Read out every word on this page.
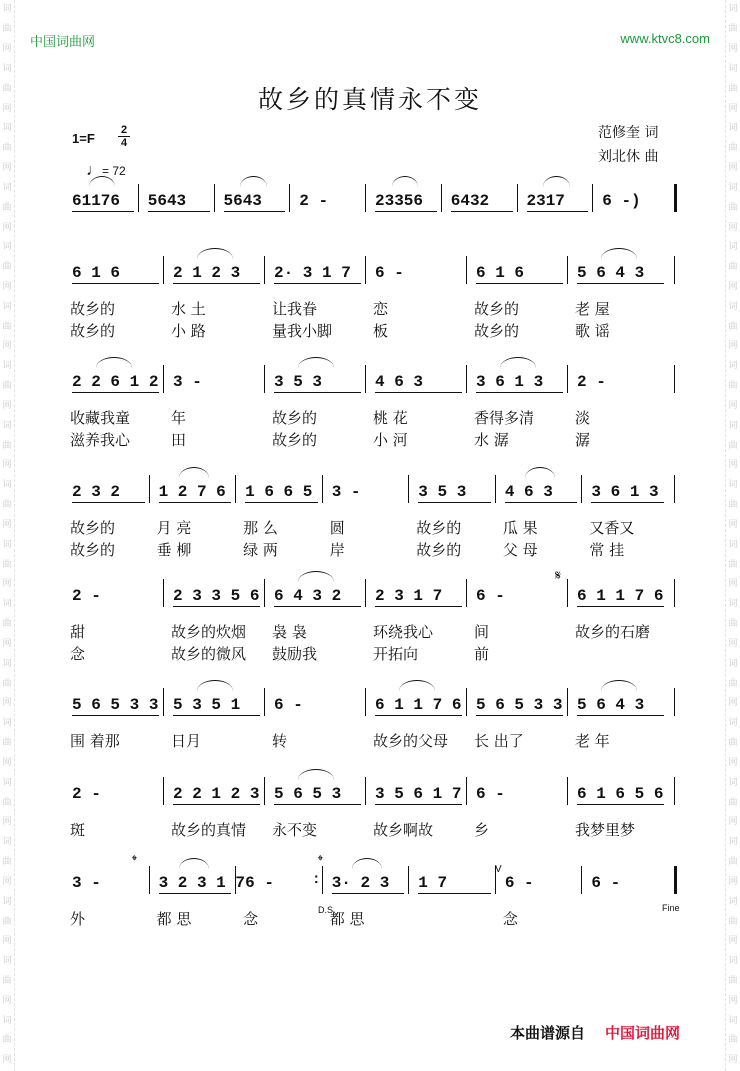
词
曲
网
词
曲
网
词
曲
网
词
曲
网
词
曲
网
词
曲
网
词
曲
网
词
曲
网
词
曲
网
词
曲
网
词
曲
网
词
曲
网
词
曲
网
词
曲
网
词
曲
网
词
曲
网
词
曲
网
词
曲
网
词
曲
网
词
曲
网
词
曲
网
词
曲
网
词
曲
网
词
曲
网
词
曲
网
词
曲
网
词
曲
网
词
曲
网
词
曲
网
词
曲
网
词
曲
网
词
曲
网
词
曲
网
词
曲
网
词
曲
网
词
曲
网
中国词曲网	www.ktvc8.com
故乡的真情永不变
1=F
2
4
♩= 72
范修奎 词
刘北休 曲
61176	5643	5643	2 -	23356	6432	2317	6 -)
6 1 6	2 1 2 3	2· 3 1 7	6 -	6 1 6	5 6 4 3
故乡的	水 土	让我眷	恋	故乡的	老 屋
故乡的	小 路	量我小脚	板	故乡的	歌 谣
2 2 6 1 2 3 -	3 5 3	4 6 3	3 6 1 3	2 -
收藏我童	年	故乡的	桃 花	香得多清	淡
滋养我心	田	故乡的	小 河	水 潺	潺
2 3 2	1 2 7 6	1 6 6 5	3 -	3 5 3	4 6 3	3 6 1 3
故乡的	月 亮	那 么	圆	故乡的	瓜 果	又香又
故乡的	垂 柳	绿 两	岸	故乡的	父 母	常 挂
2 -	2 3 3 5 6 6 4 3 2	2 3 1 7	6 -	6 1 1 7 6
甜	故乡的炊烟 袅 袅	环绕我心	间	故乡的石磨
念	故乡的微风 鼓励我	开拓向	前
5 6 5 3 3 5 3 5 1	6 -	6 1 1 7 6 5 6 5 3 3 5 6 4 3
围 着那	日月	转	故乡的父母 长 出了	老 年
2 -	2 2 1 2 3 5 6 5 3	3 5 6 1 7 6 -	6 1 6 5 6
斑	故乡的真情 永不变	故乡啊故	乡	我梦里梦
3 -	3 2 3 1 7 6 -
:	3· 2 3	1 7	6 -	6 -
外	都 思	念	都 思	念
本曲谱源自 中国词曲网
𝄋
𝄌	𝄌
D.S.
V
Fine
